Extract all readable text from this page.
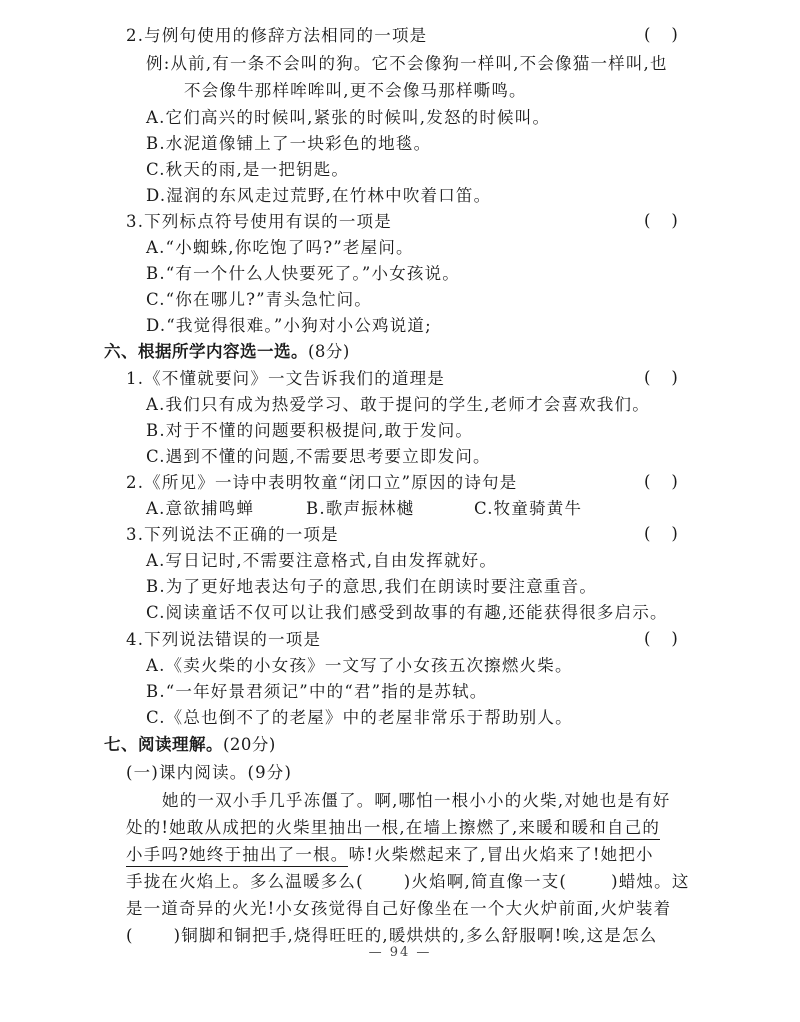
2.与例句使用的修辞方法相同的一项是	(    )
例:从前,有一条不会叫的狗。它不会像狗一样叫,不会像猫一样叫,也
不会像牛那样哞哞叫,更不会像马那样嘶鸣。
A.它们高兴的时候叫,紧张的时候叫,发怒的时候叫。
B.水泥道像铺上了一块彩色的地毯。
C.秋天的雨,是一把钥匙。
D.湿润的东风走过荒野,在竹林中吹着口笛。
3.下列标点符号使用有误的一项是	(    )
A.“小蜘蛛,你吃饱了吗?”老屋问。
B.“有一个什么人快要死了。”小女孩说。
C.“你在哪儿?”青头急忙问。
D.“我觉得很难。”小狗对小公鸡说道;
六、根据所学内容选一选。(8分)
1.《不懂就要问》一文告诉我们的道理是	(    )
A.我们只有成为热爱学习、敢于提问的学生,老师才会喜欢我们。
B.对于不懂的问题要积极提问,敢于发问。
C.遇到不懂的问题,不需要思考要立即发问。
2.《所见》一诗中表明牧童“闭口立”原因的诗句是	(    )
A.意欲捕鸣蝉	B.歌声振林樾	C.牧童骑黄牛
3.下列说法不正确的一项是	(    )
A.写日记时,不需要注意格式,自由发挥就好。
B.为了更好地表达句子的意思,我们在朗读时要注意重音。
C.阅读童话不仅可以让我们感受到故事的有趣,还能获得很多启示。
4.下列说法错误的一项是	(    )
A.《卖火柴的小女孩》一文写了小女孩五次擦燃火柴。
B.“一年好景君须记”中的“君”指的是苏轼。
C.《总也倒不了的老屋》中的老屋非常乐于帮助别人。
七、阅读理解。(20分)
(一)课内阅读。(9分)
她的一双小手几乎冻僵了。啊,哪怕一根小小的火柴,对她也是有好
处的!她敢从成把的火柴里抽出一根,在墙上擦燃了,来暖和暖和自己的
小手吗?她终于抽出了一根。哧!火柴燃起来了,冒出火焰来了!她把小
手拢在火焰上。多么温暖多么( )火焰啊,简直像一支(	)蜡烛。这
是一道奇异的火光!小女孩觉得自己好像坐在一个大火炉前面,火炉装着
( )铜脚和铜把手,烧得旺旺的,暖烘烘的,多么舒服啊!唉,这是怎么
— 94 —
